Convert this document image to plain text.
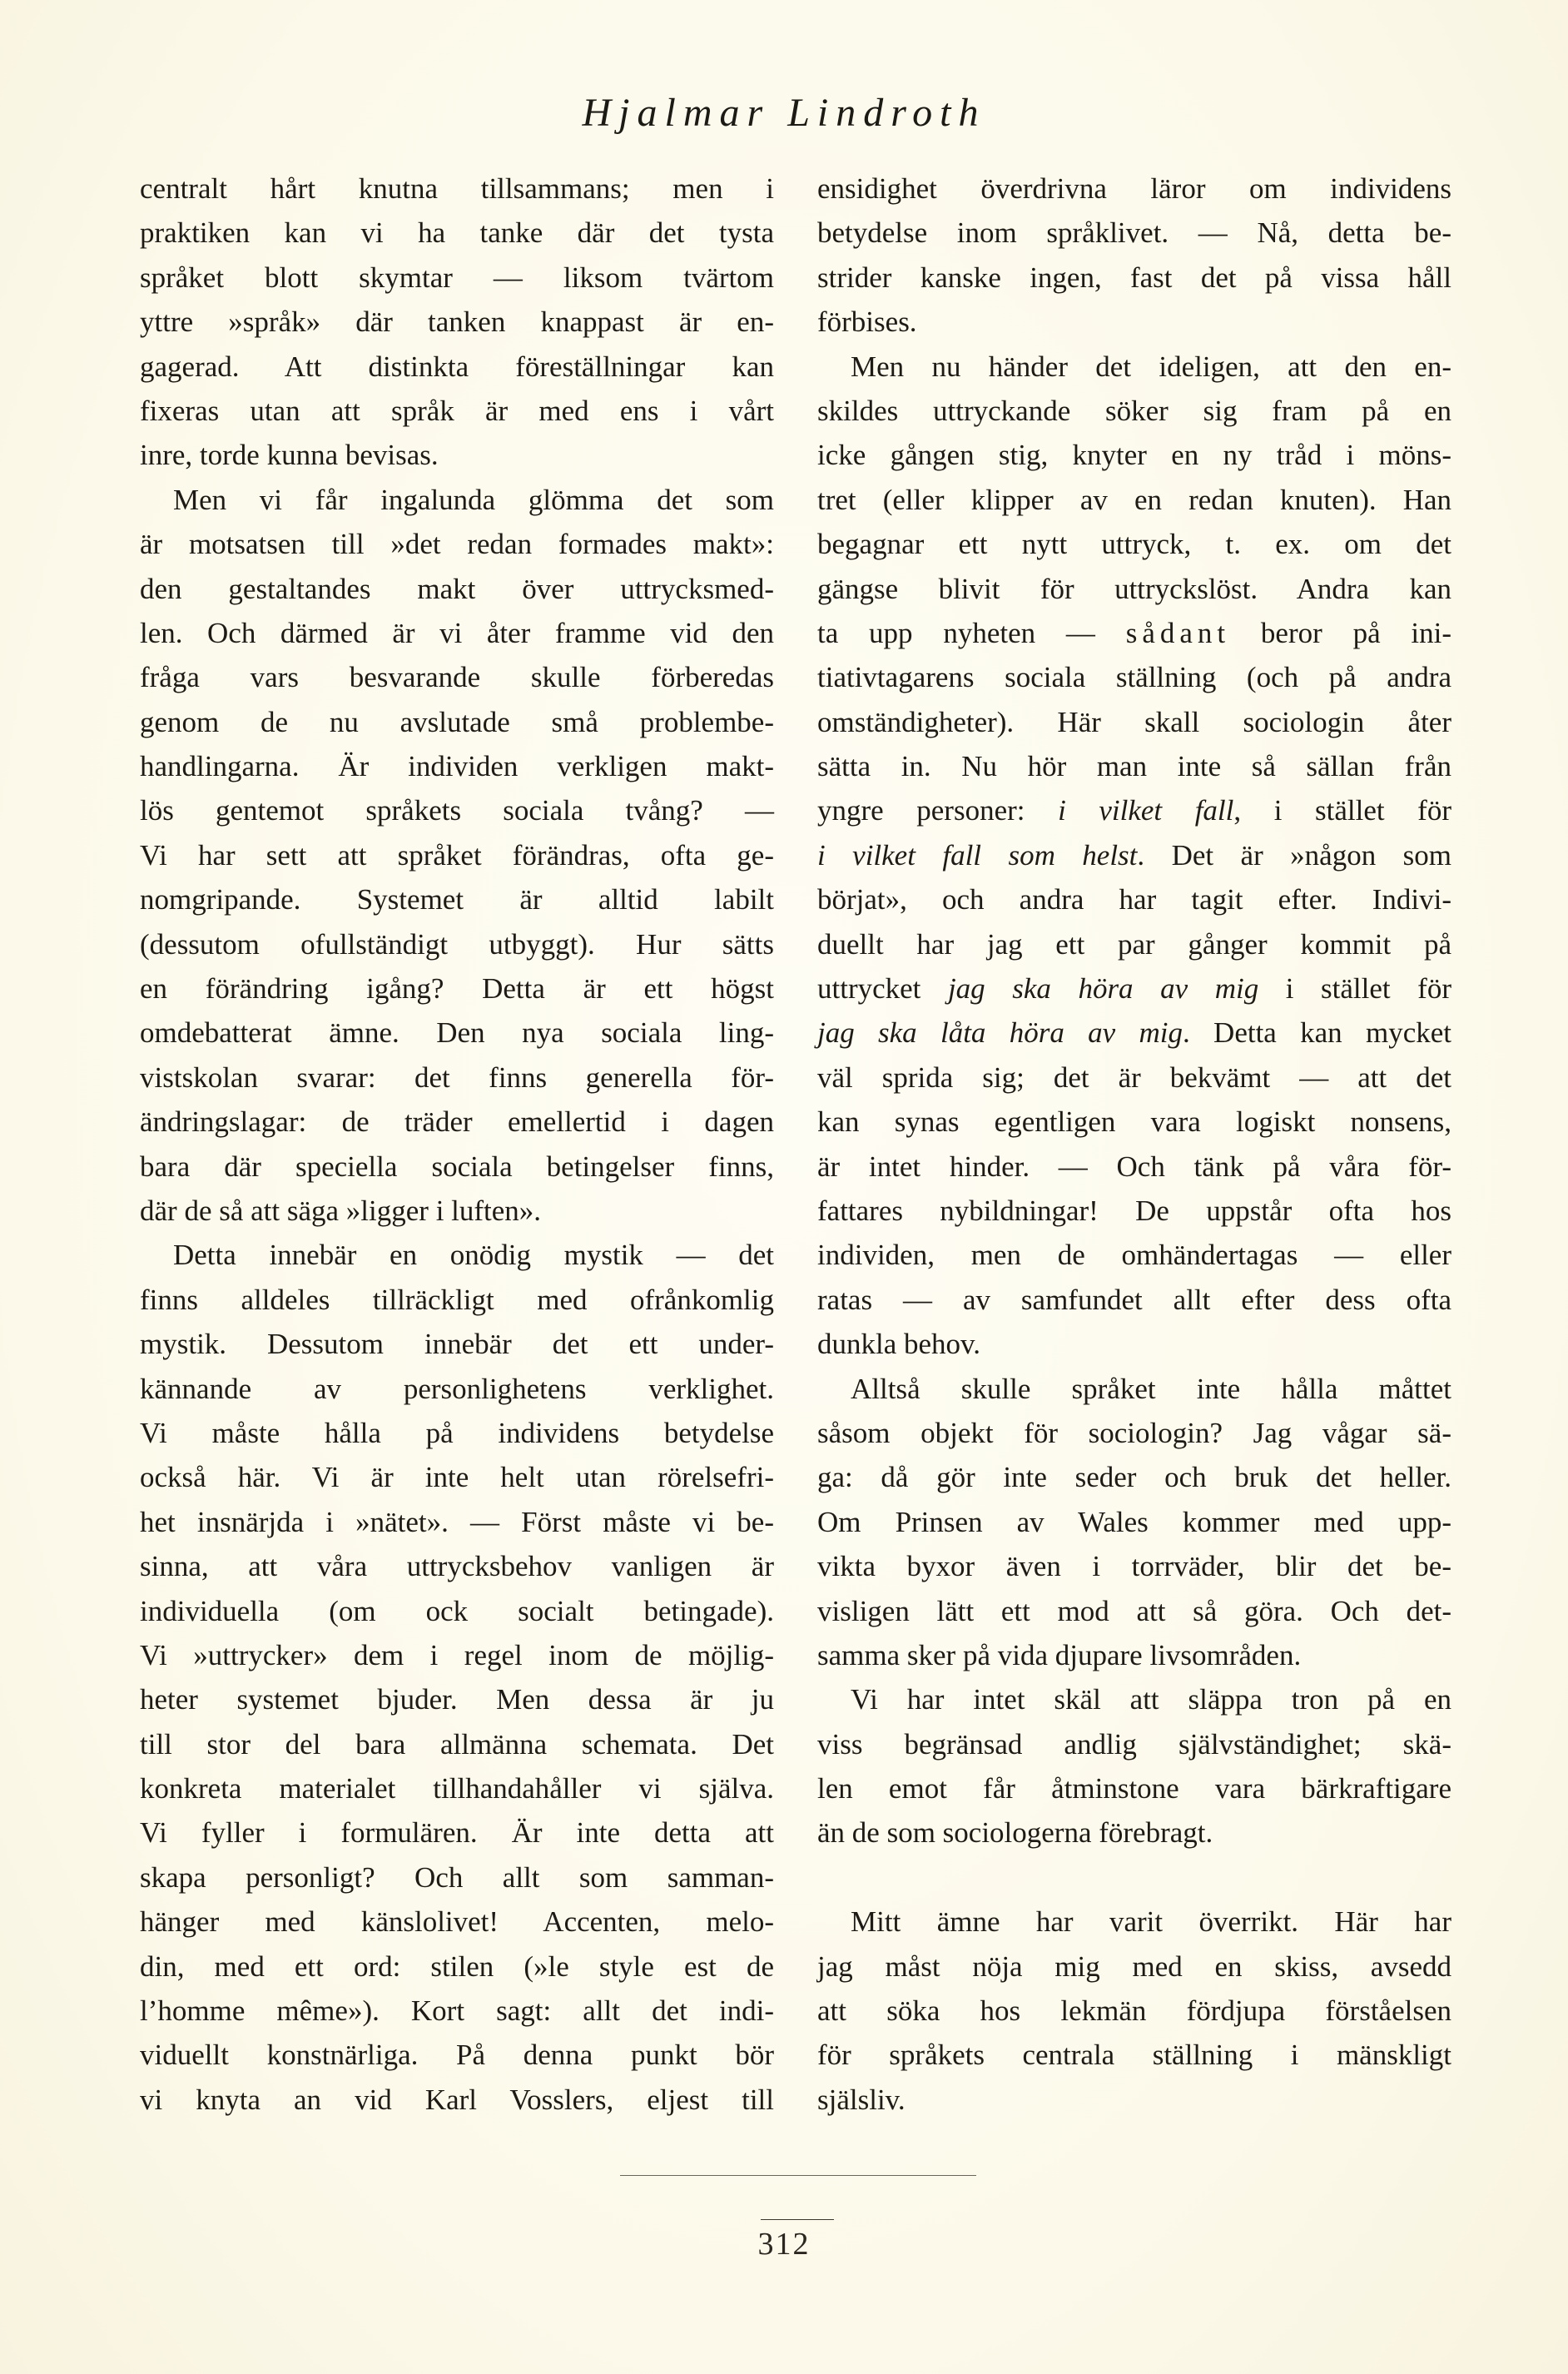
Hjalmar Lindroth
centralt hårt knutna tillsammans; men i
praktiken kan vi ha tanke där det tysta
språket blott skymtar — liksom tvärtom
yttre »språk» där tanken knappast är en-
gagerad. Att distinkta föreställningar kan
fixeras utan att språk är med ens i vårt
inre, torde kunna bevisas.
Men vi får ingalunda glömma det som
är motsatsen till »det redan formades makt»:
den gestaltandes makt över uttrycksmed-
len. Och därmed är vi åter framme vid den
fråga vars besvarande skulle förberedas
genom de nu avslutade små problembe-
handlingarna. Är individen verkligen makt-
lös gentemot språkets sociala tvång? —
Vi har sett att språket förändras, ofta ge-
nomgripande. Systemet är alltid labilt
(dessutom ofullständigt utbyggt). Hur sätts
en förändring igång? Detta är ett högst
omdebatterat ämne. Den nya sociala ling-
vistskolan svarar: det finns generella för-
ändringslagar: de träder emellertid i dagen
bara där speciella sociala betingelser finns,
där de så att säga »ligger i luften».
Detta innebär en onödig mystik — det
finns alldeles tillräckligt med ofrånkomlig
mystik. Dessutom innebär det ett under-
kännande av personlighetens verklighet.
Vi måste hålla på individens betydelse
också här. Vi är inte helt utan rörelsefri-
het insnärjda i »nätet». — Först måste vi be-
sinna, att våra uttrycksbehov vanligen är
individuella (om ock socialt betingade).
Vi »uttrycker» dem i regel inom de möjlig-
heter systemet bjuder. Men dessa är ju
till stor del bara allmänna schemata. Det
konkreta materialet tillhandahåller vi själva.
Vi fyller i formulären. Är inte detta att
skapa personligt? Och allt som samman-
hänger med känslolivet! Accenten, melo-
din, med ett ord: stilen (»le style est de
l’homme même»). Kort sagt: allt det indi-
viduellt konstnärliga. På denna punkt bör
vi knyta an vid Karl Vosslers, eljest till
ensidighet överdrivna läror om individens
betydelse inom språklivet. — Nå, detta be-
strider kanske ingen, fast det på vissa håll
förbises.
Men nu händer det ideligen, att den en-
skildes uttryckande söker sig fram på en
icke gången stig, knyter en ny tråd i möns-
tret (eller klipper av en redan knuten). Han
begagnar ett nytt uttryck, t. ex. om det
gängse blivit för uttryckslöst. Andra kan
ta upp nyheten — sådant beror på ini-
tiativtagarens sociala ställning (och på andra
omständigheter). Här skall sociologin åter
sätta in. Nu hör man inte så sällan från
yngre personer: i vilket fall, i stället för
i vilket fall som helst. Det är »någon som
börjat», och andra har tagit efter. Indivi-
duellt har jag ett par gånger kommit på
uttrycket jag ska höra av mig i stället för
jag ska låta höra av mig. Detta kan mycket
väl sprida sig; det är bekvämt — att det
kan synas egentligen vara logiskt nonsens,
är intet hinder. — Och tänk på våra för-
fattares nybildningar! De uppstår ofta hos
individen, men de omhändertagas — eller
ratas — av samfundet allt efter dess ofta
dunkla behov.
Alltså skulle språket inte hålla måttet
såsom objekt för sociologin? Jag vågar sä-
ga: då gör inte seder och bruk det heller.
Om Prinsen av Wales kommer med upp-
vikta byxor även i torrväder, blir det be-
visligen lätt ett mod att så göra. Och det-
samma sker på vida djupare livsområden.
Vi har intet skäl att släppa tron på en
viss begränsad andlig självständighet; skä-
len emot får åtminstone vara bärkraftigare
än de som sociologerna förebragt.
Mitt ämne har varit överrikt. Här har
jag måst nöja mig med en skiss, avsedd
att söka hos lekmän fördjupa förståelsen
för språkets centrala ställning i mänskligt
själsliv.
312
